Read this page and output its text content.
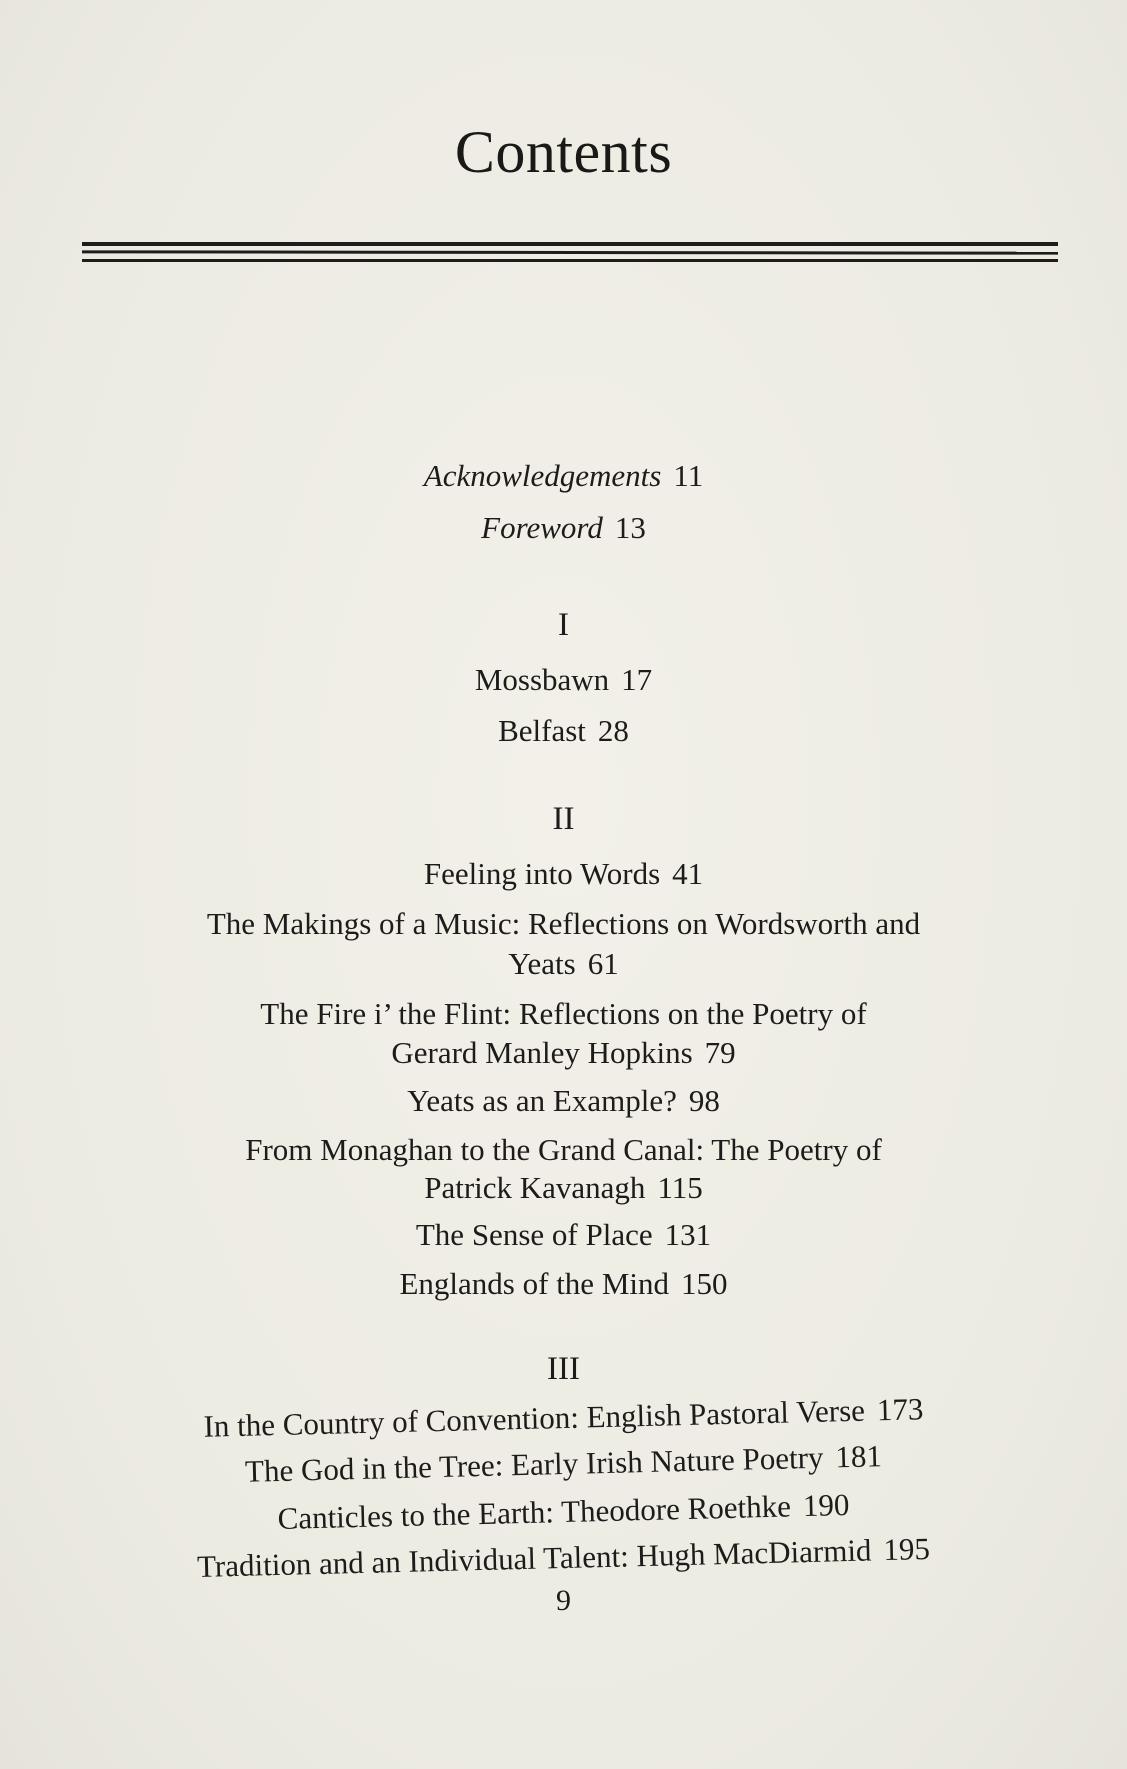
Contents
Acknowledgements 11
Foreword 13
I
Mossbawn 17
Belfast 28
II
Feeling into Words 41
The Makings of a Music: Reflections on Wordsworth and
Yeats 61
The Fire i’ the Flint: Reflections on the Poetry of
Gerard Manley Hopkins 79
Yeats as an Example? 98
From Monaghan to the Grand Canal: The Poetry of
Patrick Kavanagh 115
The Sense of Place 131
Englands of the Mind 150
III
In the Country of Convention: English Pastoral Verse 173
The God in the Tree: Early Irish Nature Poetry 181
Canticles to the Earth: Theodore Roethke 190
Tradition and an Individual Talent: Hugh MacDiarmid 195
9
